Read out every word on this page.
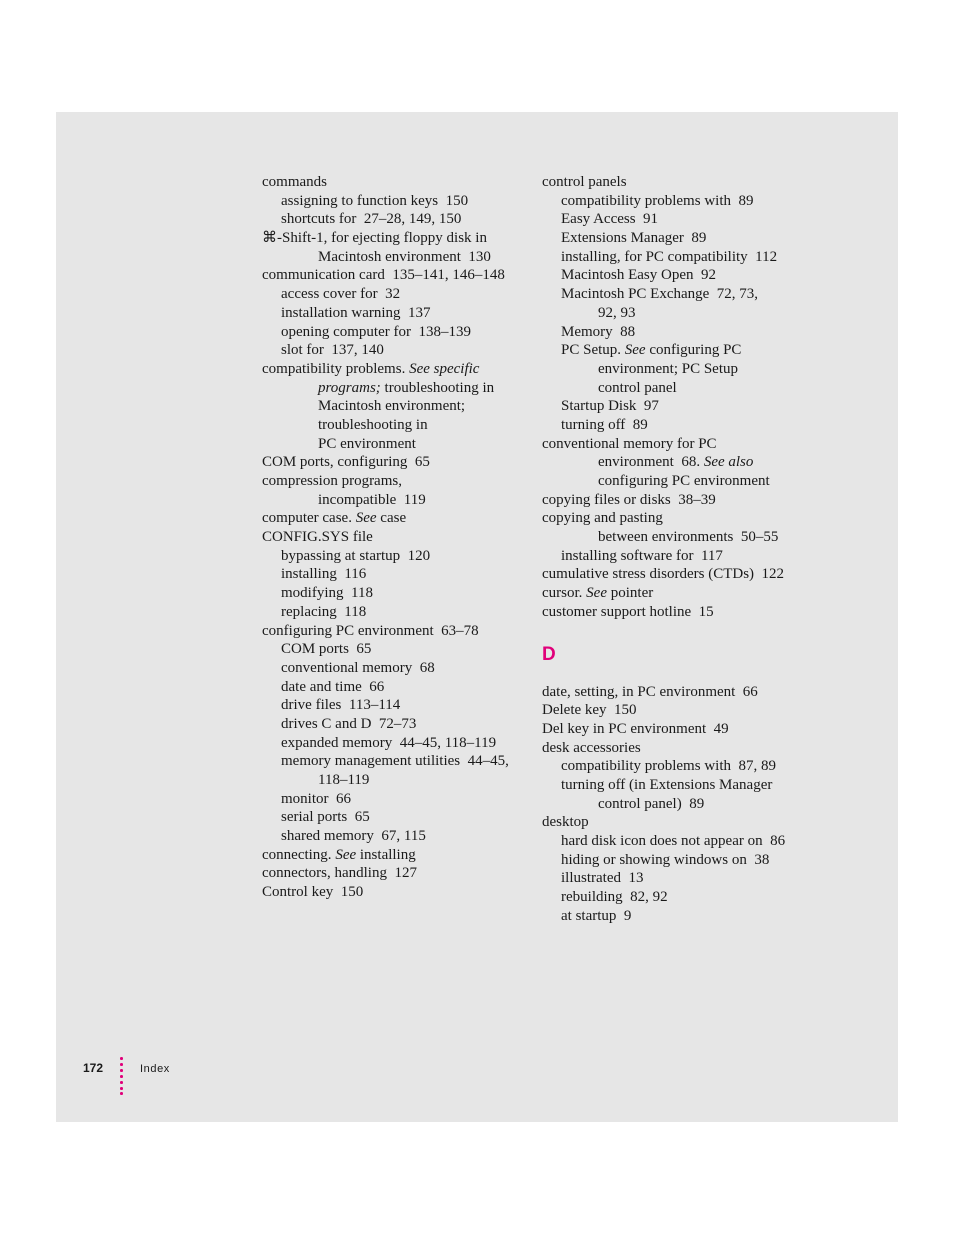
commands
assigning to function keys  150
shortcuts for  27–28, 149, 150
⌘-Shift-1, for ejecting floppy disk in
Macintosh environment  130
communication card  135–141, 146–148
access cover for  32
installation warning  137
opening computer for  138–139
slot for  137, 140
compatibility problems. See specific
programs; troubleshooting in
Macintosh environment;
troubleshooting in
PC environment
COM ports, configuring  65
compression programs,
incompatible  119
computer case. See case
CONFIG.SYS file
bypassing at startup  120
installing  116
modifying  118
replacing  118
configuring PC environment  63–78
COM ports  65
conventional memory  68
date and time  66
drive files  113–114
drives C and D  72–73
expanded memory  44–45, 118–119
memory management utilities  44–45,
118–119
monitor  66
serial ports  65
shared memory  67, 115
connecting. See installing
connectors, handling  127
Control key  150
control panels
compatibility problems with  89
Easy Access  91
Extensions Manager  89
installing, for PC compatibility  112
Macintosh Easy Open  92
Macintosh PC Exchange  72, 73,
92, 93
Memory  88
PC Setup. See configuring PC
environment; PC Setup
control panel
Startup Disk  97
turning off  89
conventional memory for PC
environment  68. See also
configuring PC environment
copying files or disks  38–39
copying and pasting
between environments  50–55
installing software for  117
cumulative stress disorders (CTDs)  122
cursor. See pointer
customer support hotline  15
D
date, setting, in PC environment  66
Delete key  150
Del key in PC environment  49
desk accessories
compatibility problems with  87, 89
turning off (in Extensions Manager
control panel)  89
desktop
hard disk icon does not appear on  86
hiding or showing windows on  38
illustrated  13
rebuilding  82, 92
at startup  9
172	Index
